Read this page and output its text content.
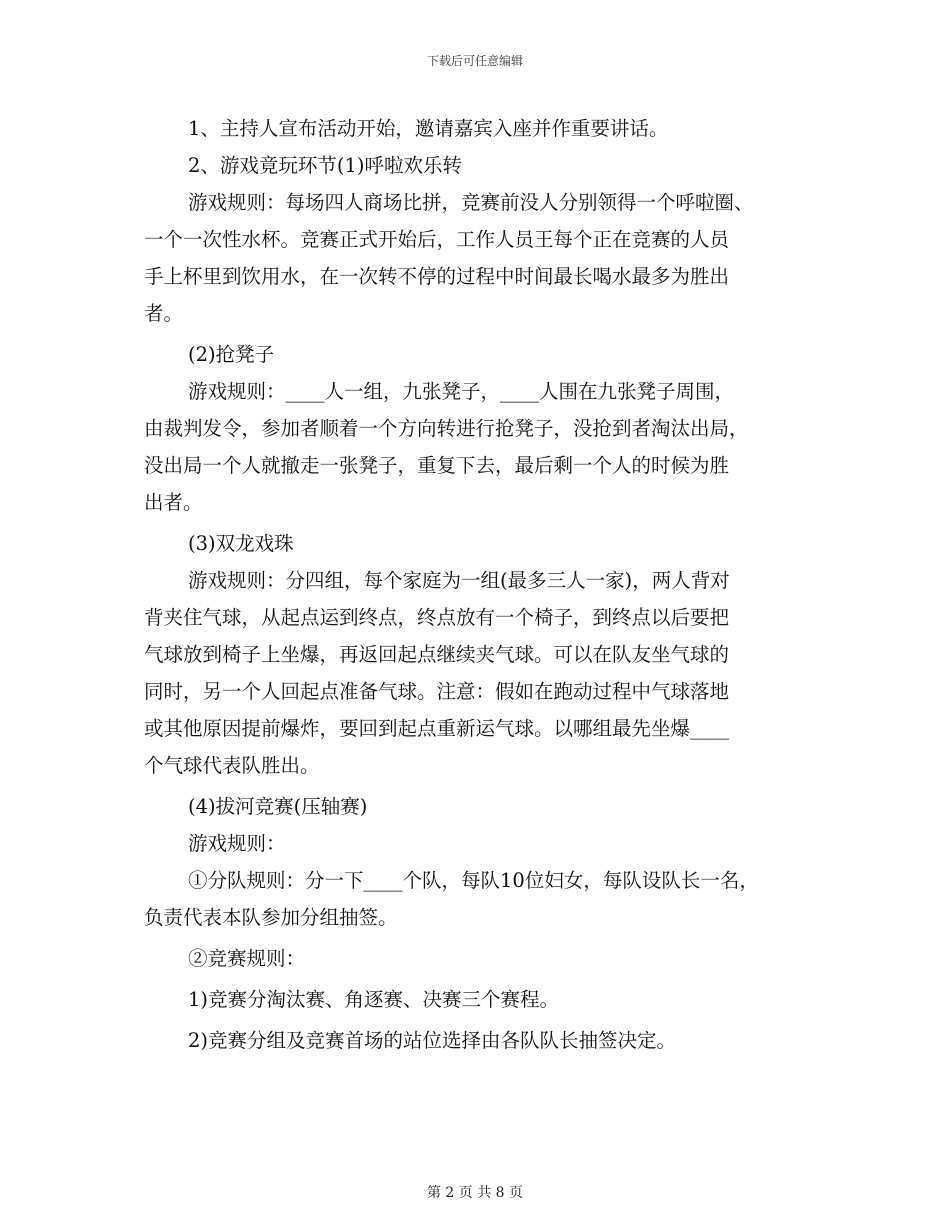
下载后可任意编辑
1、主持人宣布活动开始，邀请嘉宾入座并作重要讲话。
2、游戏竟玩环节(1)呼啦欢乐转
游戏规则：每场四人商场比拼，竞赛前没人分别领得一个呼啦圈、
一个一次性水杯。竞赛正式开始后，工作人员王每个正在竞赛的人员
手上杯里到饮用水，在一次转不停的过程中时间最长喝水最多为胜出
者。
(2)抢凳子
游戏规则：____人一组，九张凳子，____人围在九张凳子周围，
由裁判发令，参加者顺着一个方向转进行抢凳子，没抢到者淘汰出局，
没出局一个人就撤走一张凳子，重复下去，最后剩一个人的时候为胜
出者。
(3)双龙戏珠
游戏规则：分四组，每个家庭为一组(最多三人一家)，两人背对
背夹住气球，从起点运到终点，终点放有一个椅子，到终点以后要把
气球放到椅子上坐爆，再返回起点继续夹气球。可以在队友坐气球的
同时，另一个人回起点准备气球。注意：假如在跑动过程中气球落地
或其他原因提前爆炸，要回到起点重新运气球。以哪组最先坐爆____
个气球代表队胜出。
(4)拔河竞赛(压轴赛)
游戏规则：
①分队规则：分一下____个队，每队10位妇女，每队设队长一名，
负责代表本队参加分组抽签。
②竞赛规则：
1)竞赛分淘汰赛、角逐赛、决赛三个赛程。
2)竞赛分组及竞赛首场的站位选择由各队队长抽签决定。
第 2 页 共 8 页
